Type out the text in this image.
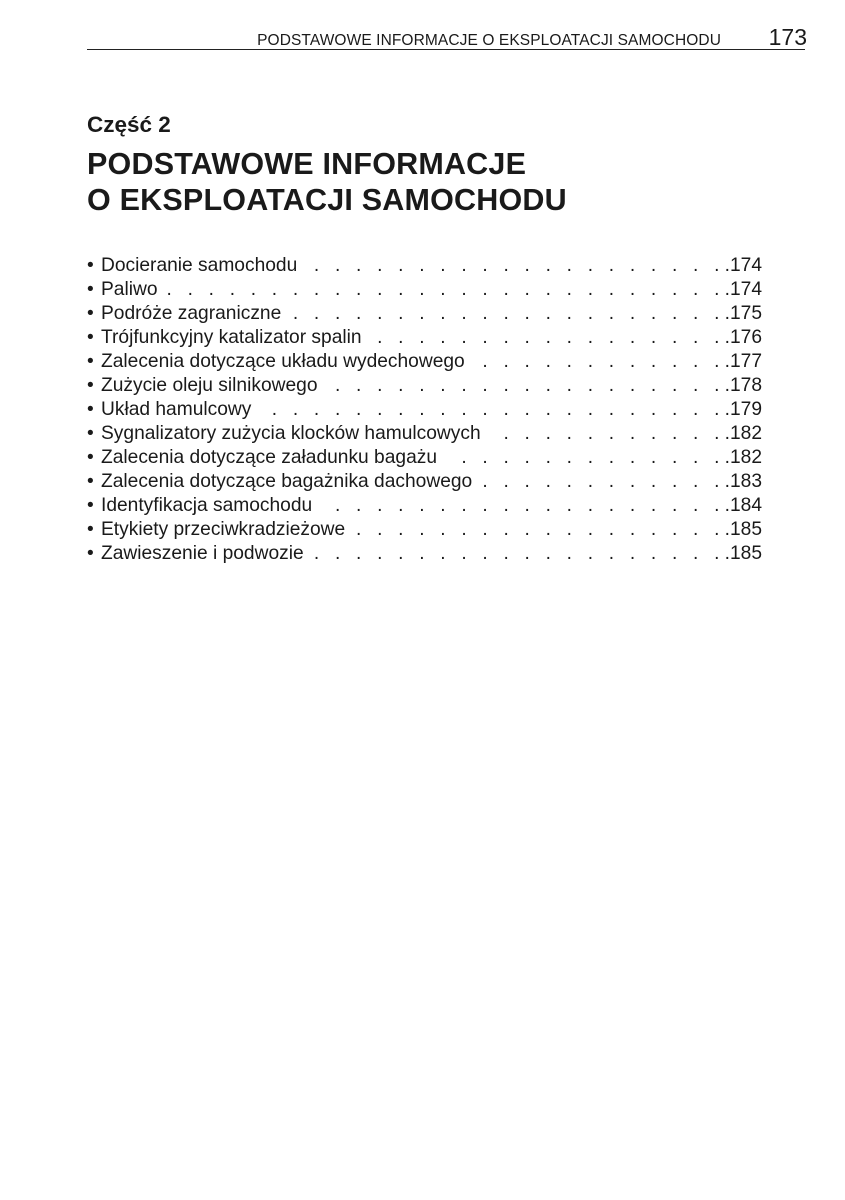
PODSTAWOWE INFORMACJE O EKSPLOATACJI SAMOCHODU 173
Część 2
PODSTAWOWE INFORMACJE
O EKSPLOATACJI SAMOCHODU
• Docieranie samochodu . . .	.174
• Paliwo . . .	.174
• Podróże zagraniczne . . .	.175
• Trójfunkcyjny katalizator spalin . . .	.176
• Zalecenia dotyczące układu wydechowego . . .	.177
• Zużycie oleju silnikowego . . .	.178
• Układ hamulcowy . . .	.179
• Sygnalizatory zużycia klocków hamulcowych . . .	.182
• Zalecenia dotyczące załadunku bagażu . . .	.182
• Zalecenia dotyczące bagażnika dachowego . . .	.183
• Identyfikacja samochodu . . .	.184
• Etykiety przeciwkradzieżowe . . .	.185
• Zawieszenie i podwozie . . .	.185
